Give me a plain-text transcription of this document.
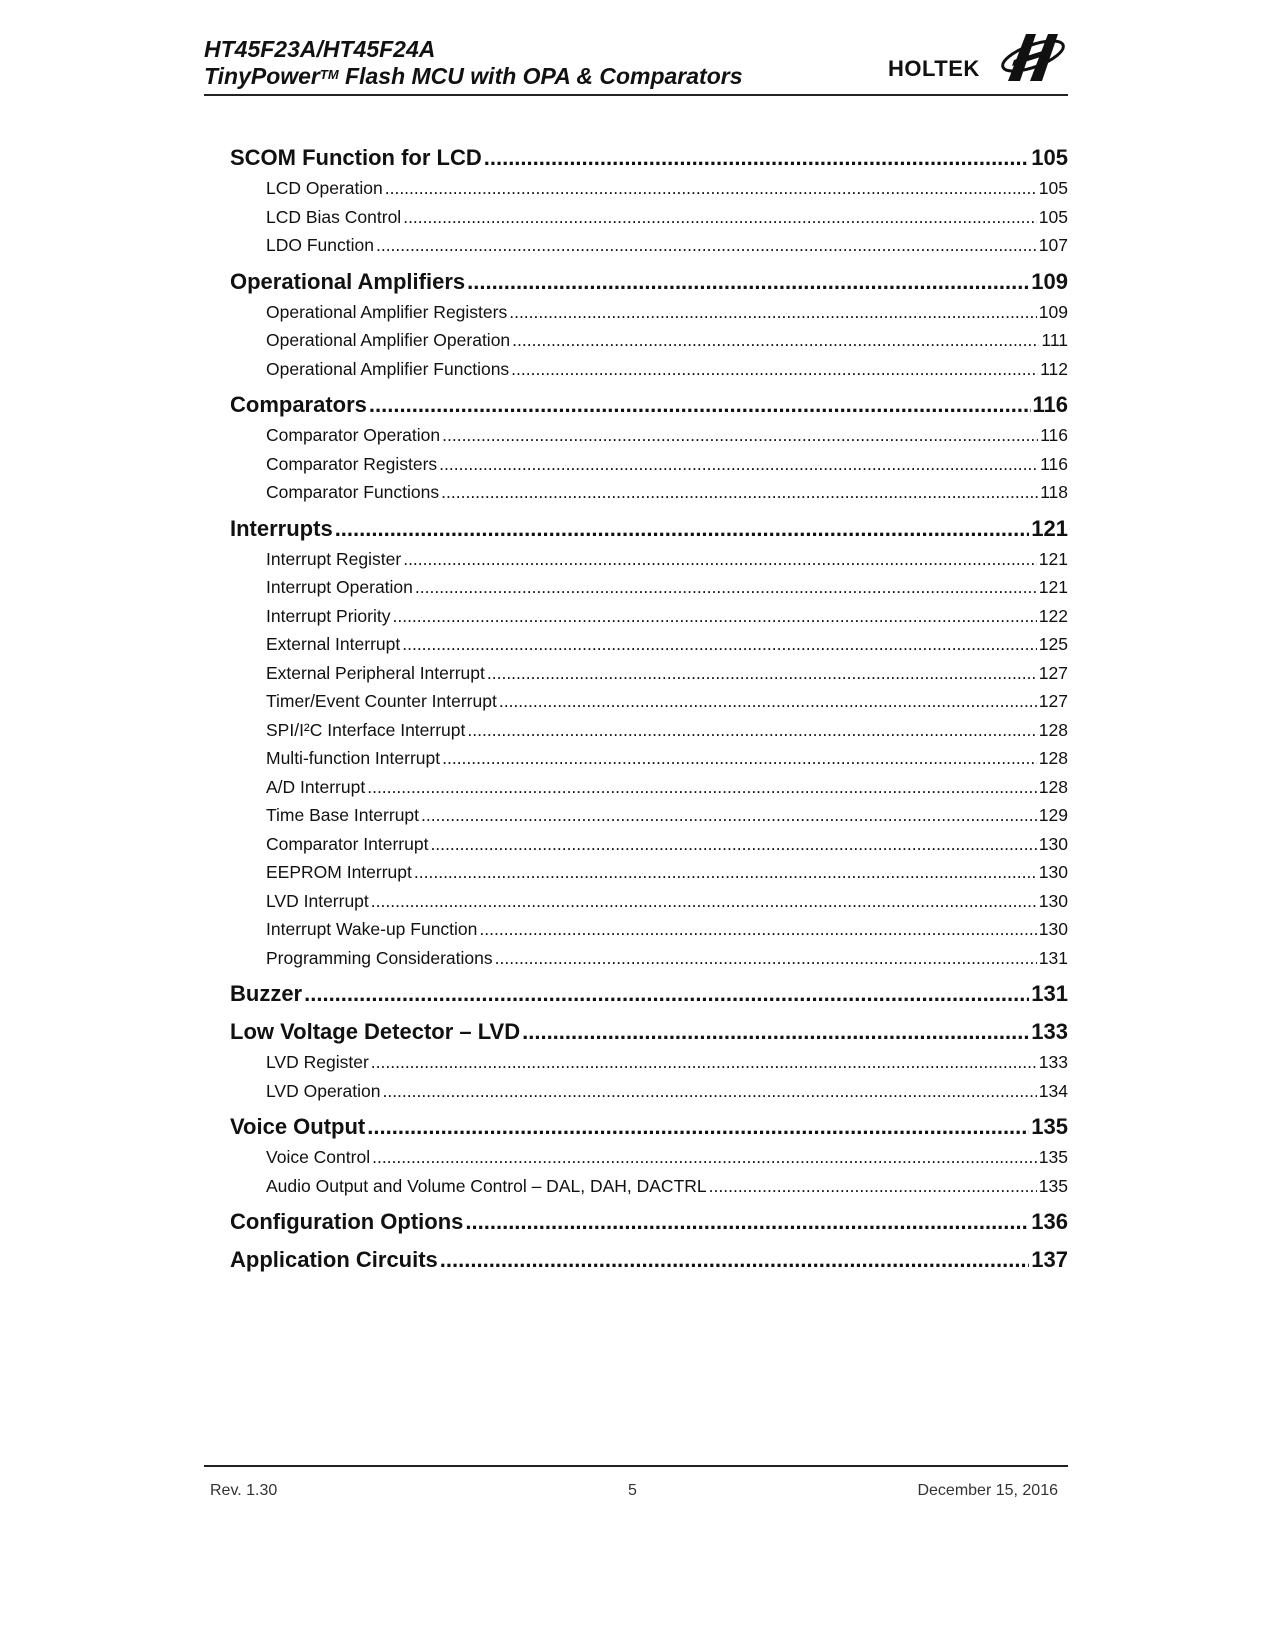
HT45F23A/HT45F24A
TinyPower™ Flash MCU with OPA & Comparators	HOLTEK
SCOM Function for LCD .....	105
LCD Operation .....	105
LCD Bias Control .....	105
LDO Function .....	107
Operational Amplifiers .....	109
Operational Amplifier Registers .....	109
Operational Amplifier Operation .....	111
Operational Amplifier Functions .....	112
Comparators .....	116
Comparator Operation .....	116
Comparator Registers .....	116
Comparator Functions .....	118
Interrupts .....	121
Interrupt Register .....	121
Interrupt Operation .....	121
Interrupt Priority .....	122
External Interrupt .....	125
External Peripheral Interrupt .....	127
Timer/Event Counter Interrupt .....	127
SPI/I²C Interface Interrupt .....	128
Multi-function Interrupt .....	128
A/D Interrupt .....	128
Time Base Interrupt .....	129
Comparator Interrupt .....	130
EEPROM Interrupt .....	130
LVD Interrupt .....	130
Interrupt Wake-up Function .....	130
Programming Considerations .....	131
Buzzer .....	131
Low Voltage Detector – LVD .....	133
LVD Register .....	133
LVD Operation .....	134
Voice Output .....	135
Voice Control .....	135
Audio Output and Volume Control – DAL, DAH, DACTRL .....	135
Configuration Options .....	136
Application Circuits .....	137
Rev. 1.30	5	December 15, 2016
